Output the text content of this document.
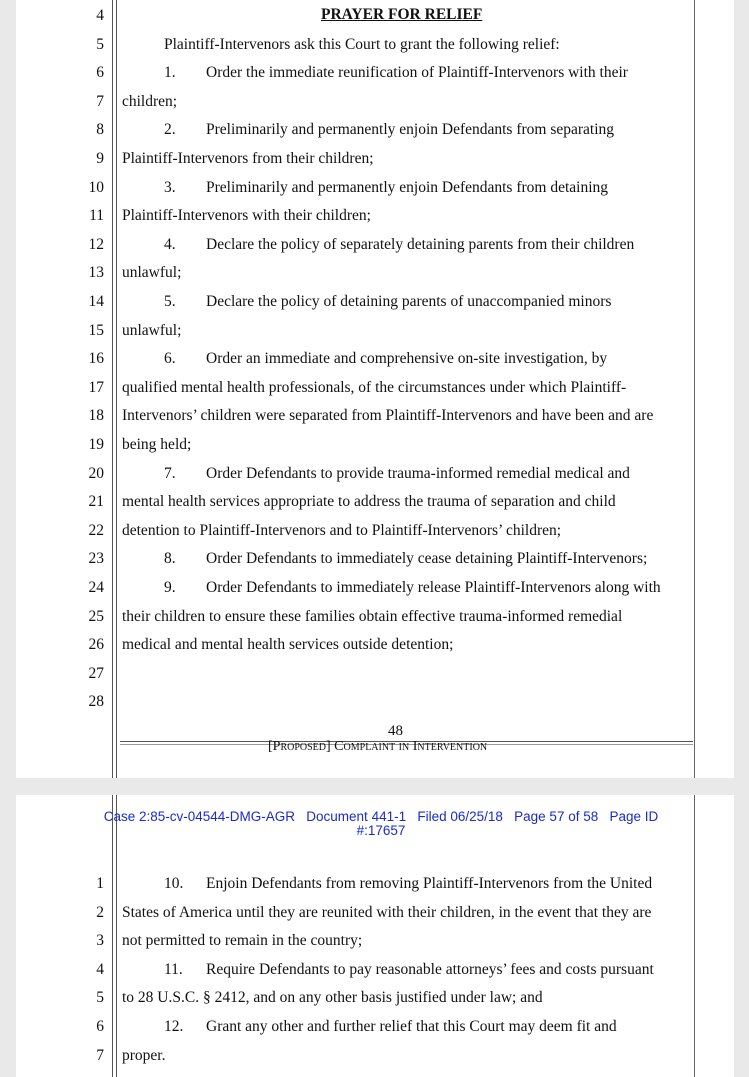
PRAYER FOR RELIEF
4
5	Plaintiff-Intervenors ask this Court to grant the following relief:
6	1. Order the immediate reunification of Plaintiff-Intervenors with their
7 children;
8	2. Preliminarily and permanently enjoin Defendants from separating
9 Plaintiff-Intervenors from their children;
10	3. Preliminarily and permanently enjoin Defendants from detaining
11 Plaintiff-Intervenors with their children;
12	4. Declare the policy of separately detaining parents from their children
13 unlawful;
14	5. Declare the policy of detaining parents of unaccompanied minors
15 unlawful;
16	6. Order an immediate and comprehensive on-site investigation, by
17 qualified mental health professionals, of the circumstances under which Plaintiff-
18 Intervenors’ children were separated from Plaintiff-Intervenors and have been and are
19 being held;
20	7. Order Defendants to provide trauma-informed remedial medical and
21 mental health services appropriate to address the trauma of separation and child
22 detention to Plaintiff-Intervenors and to Plaintiff-Intervenors’ children;
23	8. Order Defendants to immediately cease detaining Plaintiff-Intervenors;
24	9. Order Defendants to immediately release Plaintiff-Intervenors along with
25 their children to ensure these families obtain effective trauma-informed remedial
26 medical and mental health services outside detention;
27
28
48
[Proposed] Complaint in Intervention
Case 2:85-cv-04544-DMG-AGR   Document 441-1   Filed 06/25/18   Page 57 of 58   Page ID
#:17657
1	10. Enjoin Defendants from removing Plaintiff-Intervenors from the United
2 States of America until they are reunited with their children, in the event that they are
3 not permitted to remain in the country;
4	11. Require Defendants to pay reasonable attorneys’ fees and costs pursuant
5 to 28 U.S.C. § 2412, and on any other basis justified under law; and
6	12. Grant any other and further relief that this Court may deem fit and
7 proper.
